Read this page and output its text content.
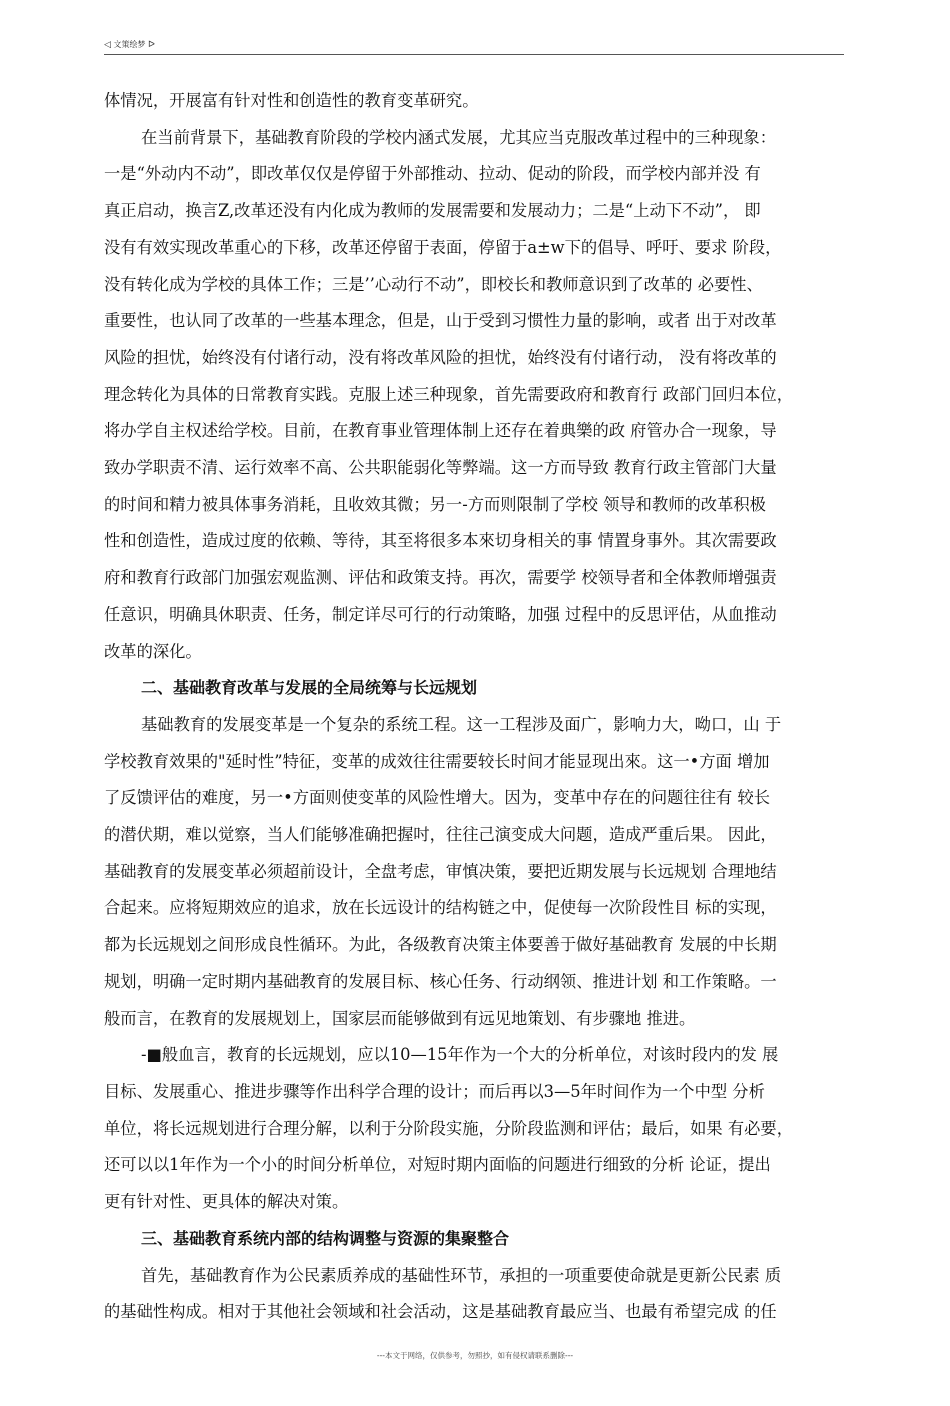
◁ 文策绘梦 ᐅ
体情况，开展富有针对性和创造性的教育变革研究。
在当前背景下，基础教育阶段的学校内涵式发展，尤其应当克服改革过程中的三种现象：
一是“外动内不动”，即改革仅仅是停留于外部推动、拉动、促动的阶段，而学校内部并没 有
真正启动，换言Z,改革还没有内化成为教师的发展需要和发展动力；二是“上动下不动”， 即
没有有效实现改革重心的下移，改革还停留于表面，停留于a±w下的倡导、呼吁、要求 阶段，
没有转化成为学校的具体工作；三是’’心动行不动”，即校长和教师意识到了改革的 必要性、
重要性，也认同了改革的一些基本理念，但是，山于受到习惯性力量的影响，或者 出于对改革
风险的担忧，始终没有付诸行动，没有将改革风险的担忧，始终没有付诸行动， 没有将改革的
理念转化为具体的日常教育实践。克服上述三种现象，首先需要政府和教育行 政部门回归本位，
将办学自主权述给学校。目前，在教育事业管理体制上还存在着典樂的政 府管办合一现象，导
致办学职责不清、运行效率不高、公共职能弱化等弊端。这一方而导致 教育行政主管部门大量
的时间和精力被具体事务消耗，且收效其微；另一-方而则限制了学校 领导和教师的改革积极
性和创造性，造成过度的依赖、等待，其至将很多本來切身相关的事 情置身事外。其次需要政
府和教育行政部门加强宏观监测、评估和政策支持。再次，需要学 校领导者和全体教师增强责
任意识，明确具休职责、任务，制定详尽可行的行动策略，加强 过程中的反思评估，从血推动
改革的深化。
二、基础教育改革与发展的全局统筹与长远规划
基础教育的发展变革是一个复杂的系统工程。这一工程涉及面广，影响力大，呦口，山 于
学校教育效果的"延时性”特征，变革的成效往往需要较长时间才能显现出來。这一•方面 增加
了反馈评估的难度，另一•方面则使变革的风险性增大。因为，变革中存在的问题往往有 较长
的潜伏期，难以觉察，当人们能够准确把握吋，往往己演变成大问题，造成严重后果。 因此，
基础教育的发展变革必须超前设计，全盘考虑，审慎决策，要把近期发展与长远规划 合理地结
合起来。应将短期效应的追求，放在长远设计的结构链之中，促使每一次阶段性目 标的实现，
都为长远规划之间形成良性循环。为此，各级教育决策主体要善于做好基础教育 发展的中长期
规划，明确一定时期内基础教育的发展目标、核心任务、行动纲领、推进计划 和工作策略。一
般而言，在教育的发展规划上，国家层而能够做到有远见地策划、有步骤地 推进。
-■般血言，教育的长远规划，应以10—15年作为一个大的分析单位，对该时段内的发 展
目标、发展重心、推进步骤等作出科学合理的设计；而后再以3—5年时间作为一个中型 分析
单位，将长远规划进行合理分解，以利于分阶段实施，分阶段监测和评估；最后，如果 有必要，
还可以以1年作为一个小的时间分析单位，对短时期内面临的问题进行细致的分析 论证，提出
更有针对性、更具体的解决对策。
三、基础教育系统内部的结构调整与资源的集聚整合
首先，基础教育作为公民素质养成的基础性环节，承担的一项重要使命就是更新公民素 质
的基础性构成。相对于其他社会领域和社会活动，这是基础教育最应当、也最有希望完成 的任
---本文于网络，仅供参考，勿照抄，如有侵权请联系删除---
